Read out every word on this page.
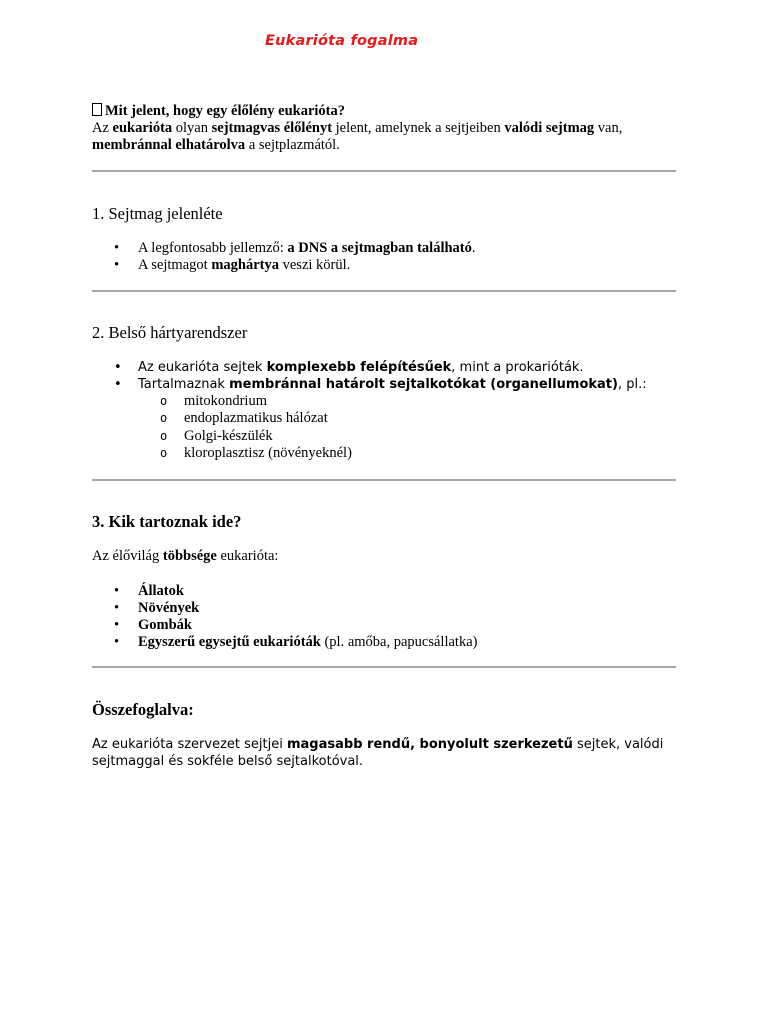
Eukarióta fogalma
Mit jelent, hogy egy élőlény eukarióta?
Az eukarióta olyan sejtmagvas élőlényt jelent, amelynek a sejtjeiben valódi sejtmag van,
membránnal elhatárolva a sejtplazmától.
1. Sejtmag jelenléte
• A legfontosabb jellemző: a DNS a sejtmagban található.
• A sejtmagot maghártya veszi körül.
2. Belső hártyarendszer
• Az eukarióta sejtek komplexebb felépítésűek, mint a prokarióták.
• Tartalmaznak membránnal határolt sejtalkotókat (organellumokat), pl.:
o mitokondrium
o endoplazmatikus hálózat
o Golgi-készülék
o kloroplasztisz (növényeknél)
3. Kik tartoznak ide?
Az élővilág többsége eukarióta:
• Állatok
• Növények
• Gombák
• Egyszerű egysejtű eukarióták (pl. amőba, papucsállatka)
Összefoglalva:
Az eukarióta szervezet sejtjei magasabb rendű, bonyolult szerkezetű sejtek, valódi
sejtmaggal és sokféle belső sejtalkotóval.
